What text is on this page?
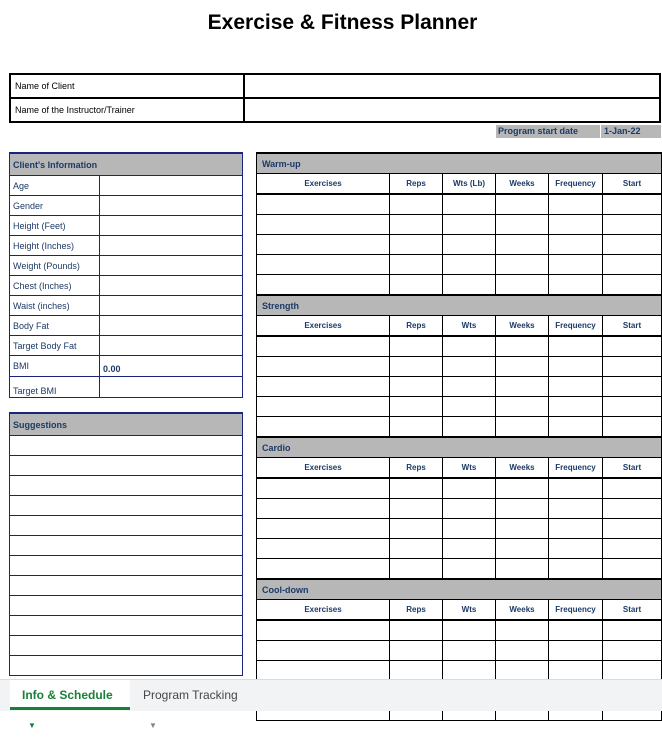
Exercise & Fitness Planner
Name of Client	
Name of the Instructor/Trainer	
Program start date	1-Jan-22
Client's Information	
Age	
Gender	
Height (Feet)	
Height (Inches)	
Weight (Pounds)	
Chest (Inches)	
Waist (inches)	
Body Fat	
Target Body Fat	

BMI	0.00

Target BMI	

Suggestions

Warm-up					
Exercises	Reps	Wts (Lb)	Weeks	Frequency	Start

Strength					
Exercises	Reps	Wts	Weeks	Frequency	Start

Cardio					
Exercises	Reps	Wts	Weeks	Frequency	Start

Cool-down					
Exercises	Reps	Wts	Weeks	Frequency	Start

Info & Schedule▼
Program Tracking▼
